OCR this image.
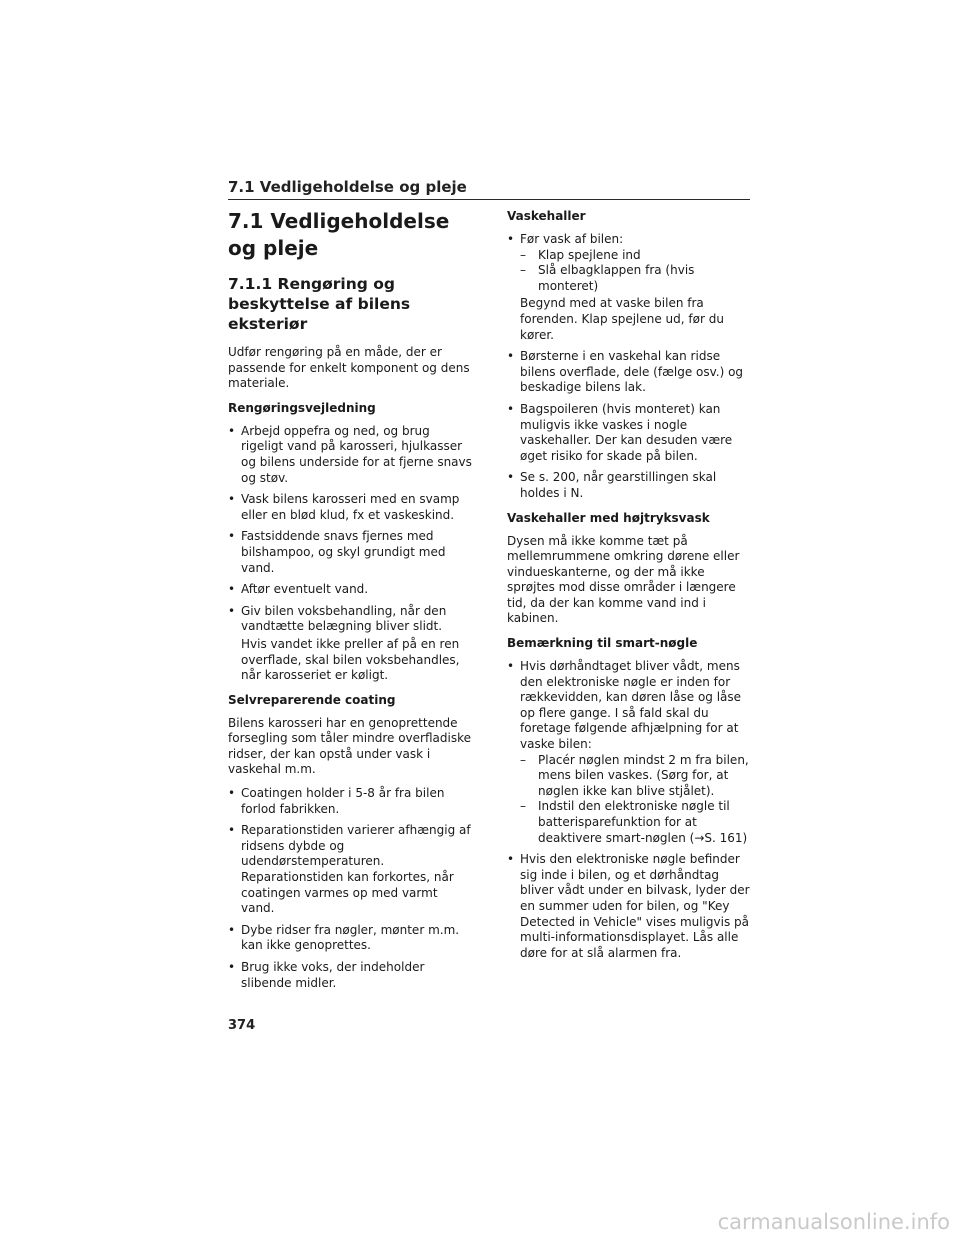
7.1 Vedligeholdelse og pleje
7.1 Vedligeholdelse og pleje
7.1.1 Rengøring og beskyttelse af bilens eksteriør

Udfør rengøring på en måde, der er passende for enkelt komponent og dens materiale.

Rengøringsvejledning
• Arbejd oppefra og ned, og brug rigeligt vand på karosseri, hjulkasser og bilens underside for at fjerne snavs og støv.
• Vask bilens karosseri med en svamp eller en blød klud, fx et vaskeskind.
• Fastsiddende snavs fjernes med bilshampoo, og skyl grundigt med vand.
• Aftør eventuelt vand.
• Giv bilen voksbehandling, når den vandtætte belægning bliver slidt.

Hvis vandet ikke preller af på en ren overflade, skal bilen voksbehandles, når karosseriet er køligt.

Selvreparerende coating

Bilens karosseri har en genoprettende forsegling som tåler mindre overfladiske ridser, der kan opstå under vask i vaskehal m.m.

• Coatingen holder i 5-8 år fra bilen forlod fabrikken.
• Reparationstiden varierer afhængig af ridsens dybde og udendørstemperaturen. Reparationstiden kan forkortes, når coatingen varmes op med varmt vand.
• Dybe ridser fra nøgler, mønter m.m. kan ikke genoprettes.
• Brug ikke voks, der indeholder slibende midler.
Vaskehaller
• Før vask af bilen:
– Klap spejlene ind
– Slå elbagklappen fra (hvis monteret)

Begynd med at vaske bilen fra forenden. Klap spejlene ud, før du kører.

• Børsterne i en vaskehal kan ridse bilens overflade, dele (fælge osv.) og beskadige bilens lak.
• Bagspoileren (hvis monteret) kan muligvis ikke vaskes i nogle vaskehaller. Der kan desuden være øget risiko for skade på bilen.
• Se s. 200, når gearstillingen skal holdes i N.
Vaskehaller med højtryksvask

Dysen må ikke komme tæt på mellemrummene omkring dørene eller vindueskanterne, og der må ikke sprøjtes mod disse områder i længere tid, da der kan komme vand ind i kabinen.

Bemærkning til smart-nøgle
• Hvis dørhåndtaget bliver vådt, mens den elektroniske nøgle er inden for rækkevidden, kan døren låse og låse op flere gange. I så fald skal du foretage følgende afhjælpning for at vaske bilen:
– Placér nøglen mindst 2 m fra bilen, mens bilen vaskes. (Sørg for, at nøglen ikke kan blive stjålet).
– Indstil den elektroniske nøgle til batterisparefunktion for at deaktivere smart-nøglen (→S. 161)
• Hvis den elektroniske nøgle befinder sig inde i bilen, og et dørhåndtag bliver vådt under en bilvask, lyder der en summer uden for bilen, og "Key Detected in Vehicle" vises muligvis på multi-informationsdisplayet. Lås alle døre for at slå alarmen fra.
374
carmanualsonline.info
